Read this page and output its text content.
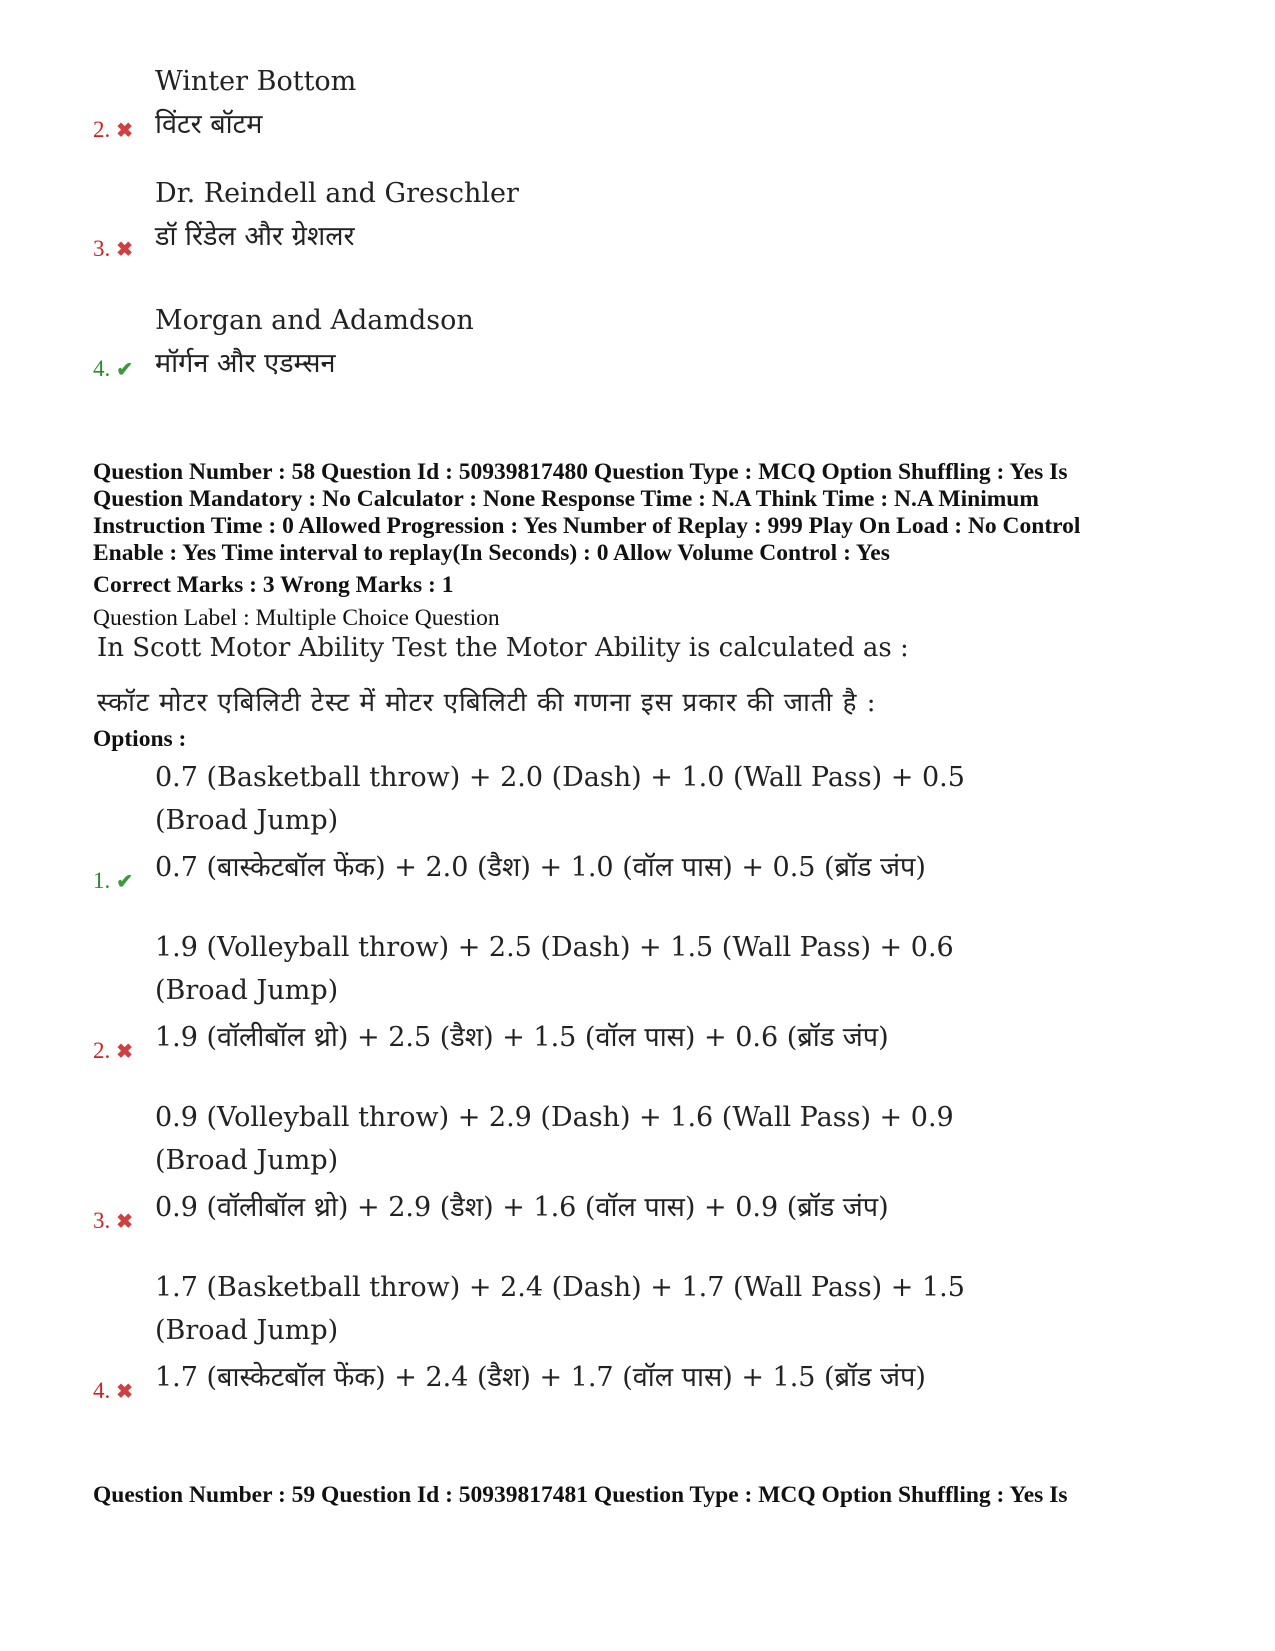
Winter Bottom
विंटर बॉटम
2. ✖
Dr. Reindell and Greschler
डॉ रिंडेल और ग्रेशलर
3. ✖
Morgan and Adamdson
मॉर्गन और एडम्सन
4. ✔
Question Number : 58 Question Id : 50939817480 Question Type : MCQ Option Shuffling : Yes Is
Question Mandatory : No Calculator : None Response Time : N.A Think Time : N.A Minimum
Instruction Time : 0 Allowed Progression : Yes Number of Replay : 999 Play On Load : No Control
Enable : Yes Time interval to replay(In Seconds) : 0 Allow Volume Control : Yes
Correct Marks : 3 Wrong Marks : 1
Question Label : Multiple Choice Question
In Scott Motor Ability Test the Motor Ability is calculated as :
स्कॉट मोटर एबिलिटी टेस्ट में मोटर एबिलिटी की गणना इस प्रकार की जाती है :
Options :
0.7 (Basketball throw) + 2.0 (Dash) + 1.0 (Wall Pass) + 0.5
(Broad Jump)
0.7 (बास्केटबॉल फेंक) + 2.0 (डैश) + 1.0 (वॉल पास) + 0.5 (ब्रॉड जंप)
1. ✔
1.9 (Volleyball throw) + 2.5 (Dash) + 1.5 (Wall Pass) + 0.6
(Broad Jump)
1.9 (वॉलीबॉल थ्रो) + 2.5 (डैश) + 1.5 (वॉल पास) + 0.6 (ब्रॉड जंप)
2. ✖
0.9 (Volleyball throw) + 2.9 (Dash) + 1.6 (Wall Pass) + 0.9
(Broad Jump)
0.9 (वॉलीबॉल थ्रो) + 2.9 (डैश) + 1.6 (वॉल पास) + 0.9 (ब्रॉड जंप)
3. ✖
1.7 (Basketball throw) + 2.4 (Dash) + 1.7 (Wall Pass) + 1.5
(Broad Jump)
1.7 (बास्केटबॉल फेंक) + 2.4 (डैश) + 1.7 (वॉल पास) + 1.5 (ब्रॉड जंप)
4. ✖
Question Number : 59 Question Id : 50939817481 Question Type : MCQ Option Shuffling : Yes Is
